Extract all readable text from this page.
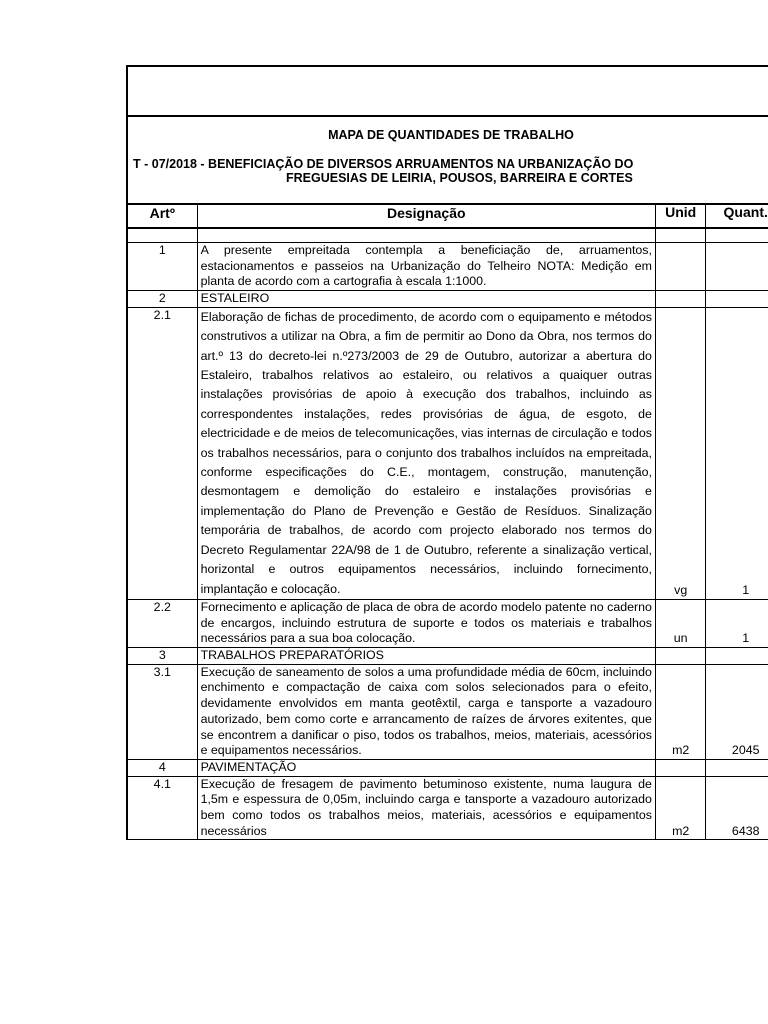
MAPA DE QUANTIDADES DE TRABALHO
T - 07/2018 - BENEFICIAÇÃO DE DIVERSOS ARRUAMENTOS NA URBANIZAÇÃO DO
FREGUESIAS DE LEIRIA, POUSOS, BARREIRA E CORTES
Artº	Designação	Unid	Quant.

1	A presente empreitada contempla a beneficiação de, arruamentos, estacionamentos e passeios na Urbanização do Telheiro NOTA: Medição em planta de acordo com a cartografia à escala 1:1000.		
2	ESTALEIRO		
2.1	Elaboração de fichas de procedimento, de acordo com o equipamento e métodos construtivos a utilizar na Obra, a fim de permitir ao Dono da Obra, nos termos do art.º 13 do decreto-lei n.º273/2003 de 29 de Outubro, autorizar a abertura do Estaleiro, trabalhos relativos ao estaleiro, ou relativos a quaiquer outras instalações provisórias de apoio à execução dos trabalhos, incluindo as correspondentes instalações, redes provisórias de água, de esgoto, de electricidade e de meios de telecomunicações, vias internas de circulação e todos os trabalhos necessários, para o conjunto dos trabalhos incluídos na empreitada, conforme especificações do C.E., montagem, construção, manutenção, desmontagem e demolição do estaleiro e instalações provisórias e implementação do Plano de Prevenção e Gestão de Resíduos. Sinalização temporária de trabalhos, de acordo com projecto elaborado nos termos do Decreto Regulamentar 22A/98 de 1 de Outubro, referente a sinalização vertical, horizontal e outros equipamentos necessários, incluindo fornecimento, implantação e colocação.	vg	1
2.2	Fornecimento e aplicação de placa de obra de acordo modelo patente no caderno de encargos, incluindo estrutura de suporte e todos os materiais e trabalhos necessários para a sua boa colocação.	un	1
3	TRABALHOS PREPARATÓRIOS		
3.1	Execução de saneamento de solos a uma profundidade média de 60cm, incluindo enchimento e compactação de caixa com solos selecionados para o efeito, devidamente envolvidos em manta geotêxtil, carga e tansporte a vazadouro autorizado, bem como corte e arrancamento de raízes de árvores exitentes, que se encontrem a danificar o piso, todos os trabalhos, meios, materiais, acessórios e equipamentos necessários.	m2	2045
4	PAVIMENTAÇÃO		
4.1	Execução de fresagem de pavimento betuminoso existente, numa laugura de 1,5m e espessura de 0,05m, incluindo carga e tansporte a vazadouro autorizado bem como todos os trabalhos meios, materiais, acessórios e equipamentos necessários	m2	6438
